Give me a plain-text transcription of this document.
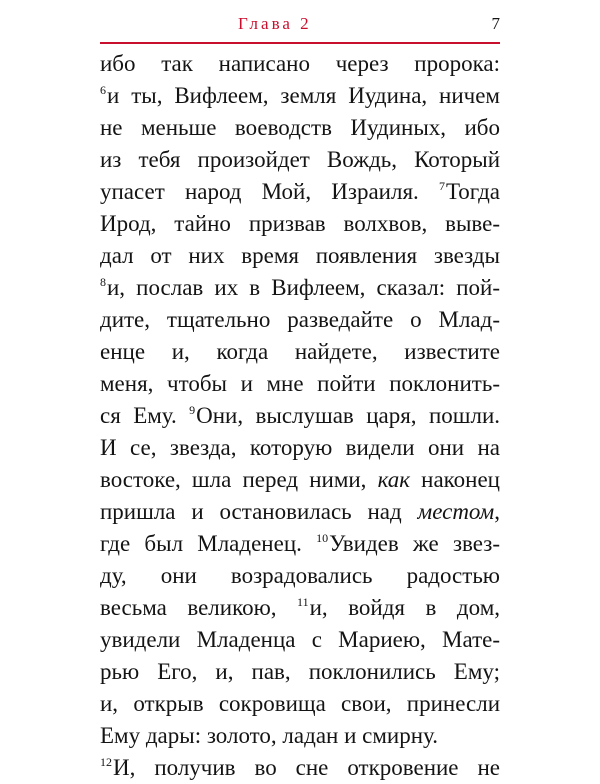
Глава 2	7
ибо так написано через пророка:
$^6$и ты, Вифлеем, земля Иудина, ничем
не меньше воеводств Иудиных, ибо
из тебя произойдет Вождь, Который
упасет народ Мой, Израиля. $^7$Тогда
Ирод, тайно призвав волхвов, выве-
дал от них время появления звезды
$^8$и, послав их в Вифлеем, сказал: пой-
дите, тщательно разведайте о Млад-
енце и, когда найдете, известите
меня, чтобы и мне пойти поклонить-
ся Ему. $^9$Они, выслушав царя, пошли.
И се, звезда, которую видели они на
востоке, шла перед ними, как наконец
пришла и остановилась над местом,
где был Младенец. $^{10}$Увидев же звез-
ду, они возрадовались радостью
весьма великою, $^{11}$и, войдя в дом,
увидели Младенца с Мариею, Мате-
рью Его, и, пав, поклонились Ему;
и, открыв сокровища свои, принесли
Ему дары: золото, ладан и смирну.
$^{12}$И, получив во сне откровение не
